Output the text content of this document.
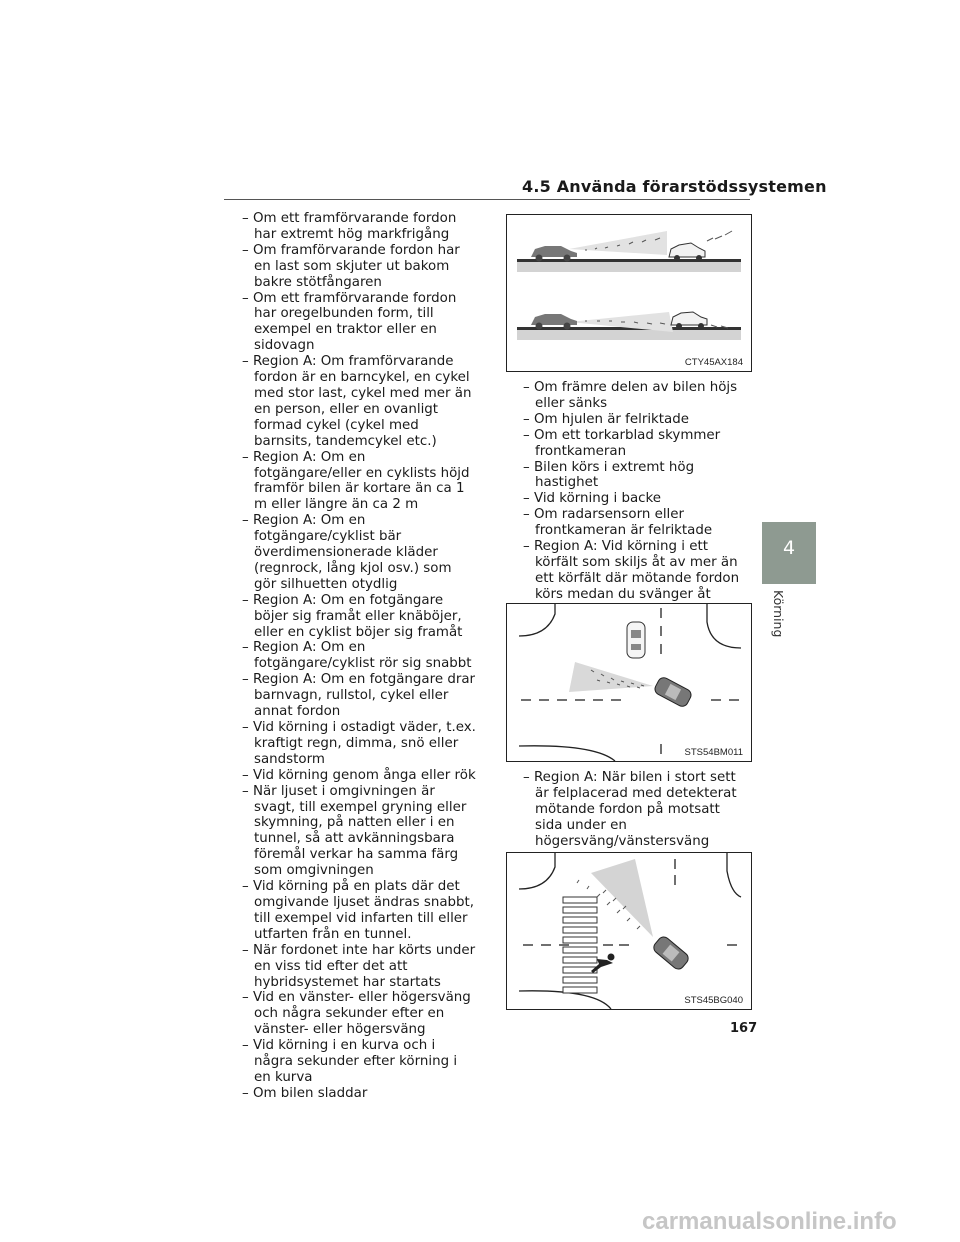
4.5 Använda förarstödssystemen
– Om ett framförvarande fordon har extremt hög markfrigång
– Om framförvarande fordon har en last som skjuter ut bakom bakre stötfångaren
– Om ett framförvarande fordon har oregelbunden form, till exempel en traktor eller en sidovagn
– Region A: Om framförvarande fordon är en barncykel, en cykel med stor last, cykel med mer än en person, eller en ovanligt formad cykel (cykel med barnsits, tandemcykel etc.)
– Region A: Om en fotgängare/eller en cyklists höjd framför bilen är kortare än ca 1 m eller längre än ca 2 m
– Region A: Om en fotgängare/cyklist bär överdimensionerade kläder (regnrock, lång kjol osv.) som gör silhuetten otydlig
– Region A: Om en fotgängare böjer sig framåt eller knäböjer, eller en cyklist böjer sig framåt
– Region A: Om en fotgängare/cyklist rör sig snabbt
– Region A: Om en fotgängare drar barnvagn, rullstol, cykel eller annat fordon
– Vid körning i ostadigt väder, t.ex. kraftigt regn, dimma, snö eller sandstorm
– Vid körning genom ånga eller rök
– När ljuset i omgivningen är svagt, till exempel gryning eller skymning, på natten eller i en tunnel, så att avkänningsbara föremål verkar ha samma färg som omgivningen
– Vid körning på en plats där det omgivande ljuset ändras snabbt, till exempel vid infarten till eller utfarten från en tunnel.
– När fordonet inte har körts under en viss tid efter det att hybridsystemet har startats
– Vid en vänster- eller högersväng och några sekunder efter en vänster- eller högersväng
– Vid körning i en kurva och i några sekunder efter körning i en kurva
– Om bilen sladdar
CTY45AX184
– Om främre delen av bilen höjs eller sänks
– Om hjulen är felriktade
– Om ett torkarblad skymmer frontkameran
– Bilen körs i extremt hög hastighet
– Vid körning i backe
– Om radarsensorn eller frontkameran är felriktade
– Region A: Vid körning i ett körfält som skiljs åt av mer än ett körfält där mötande fordon körs medan du svänger åt
STS54BM011
– Region A: När bilen i stort sett är felplacerad med detekterat mötande fordon på motsatt sida under en högersväng/vänstersväng
STS45BG040
4
Körning
167
carmanualsonline.info
